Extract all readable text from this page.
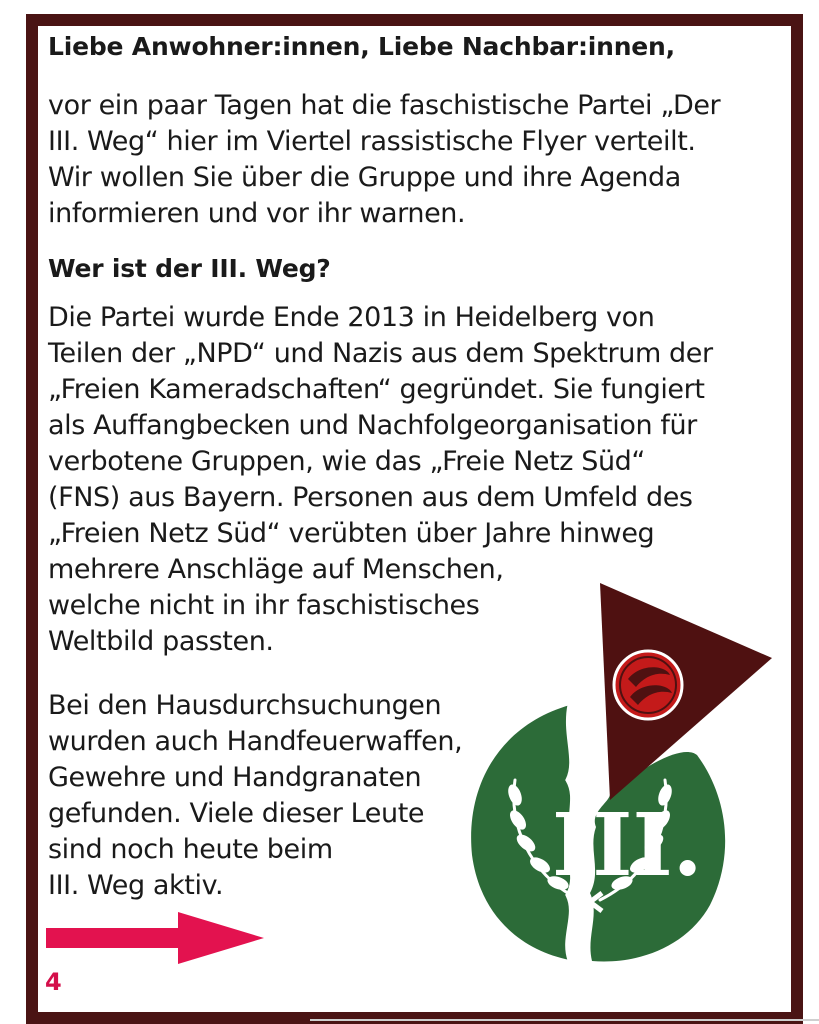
Liebe Anwohner:innen, Liebe Nachbar:innen,

vor ein paar Tagen hat die faschistische Partei „Der
III. Weg“ hier im Viertel rassistische Flyer verteilt.
Wir wollen Sie über die Gruppe und ihre Agenda
informieren und vor ihr warnen.

Wer ist der III. Weg?

Die Partei wurde Ende 2013 in Heidelberg von
Teilen der „NPD“ und Nazis aus dem Spektrum der
„Freien Kameradschaften“ gegründet. Sie fungiert
als Auffangbecken und Nachfolgeorganisation für
verbotene Gruppen, wie das „Freie Netz Süd“
(FNS) aus Bayern. Personen aus dem Umfeld des
„Freien Netz Süd“ verübten über Jahre hinweg
mehrere Anschläge auf Menschen,
welche nicht in ihr faschistisches
Weltbild passten.

Bei den Hausdurchsuchungen
wurden auch Handfeuerwaffen,
Gewehre und Handgranaten
gefunden. Viele dieser Leute
sind noch heute beim
III. Weg aktiv.	III.
4
